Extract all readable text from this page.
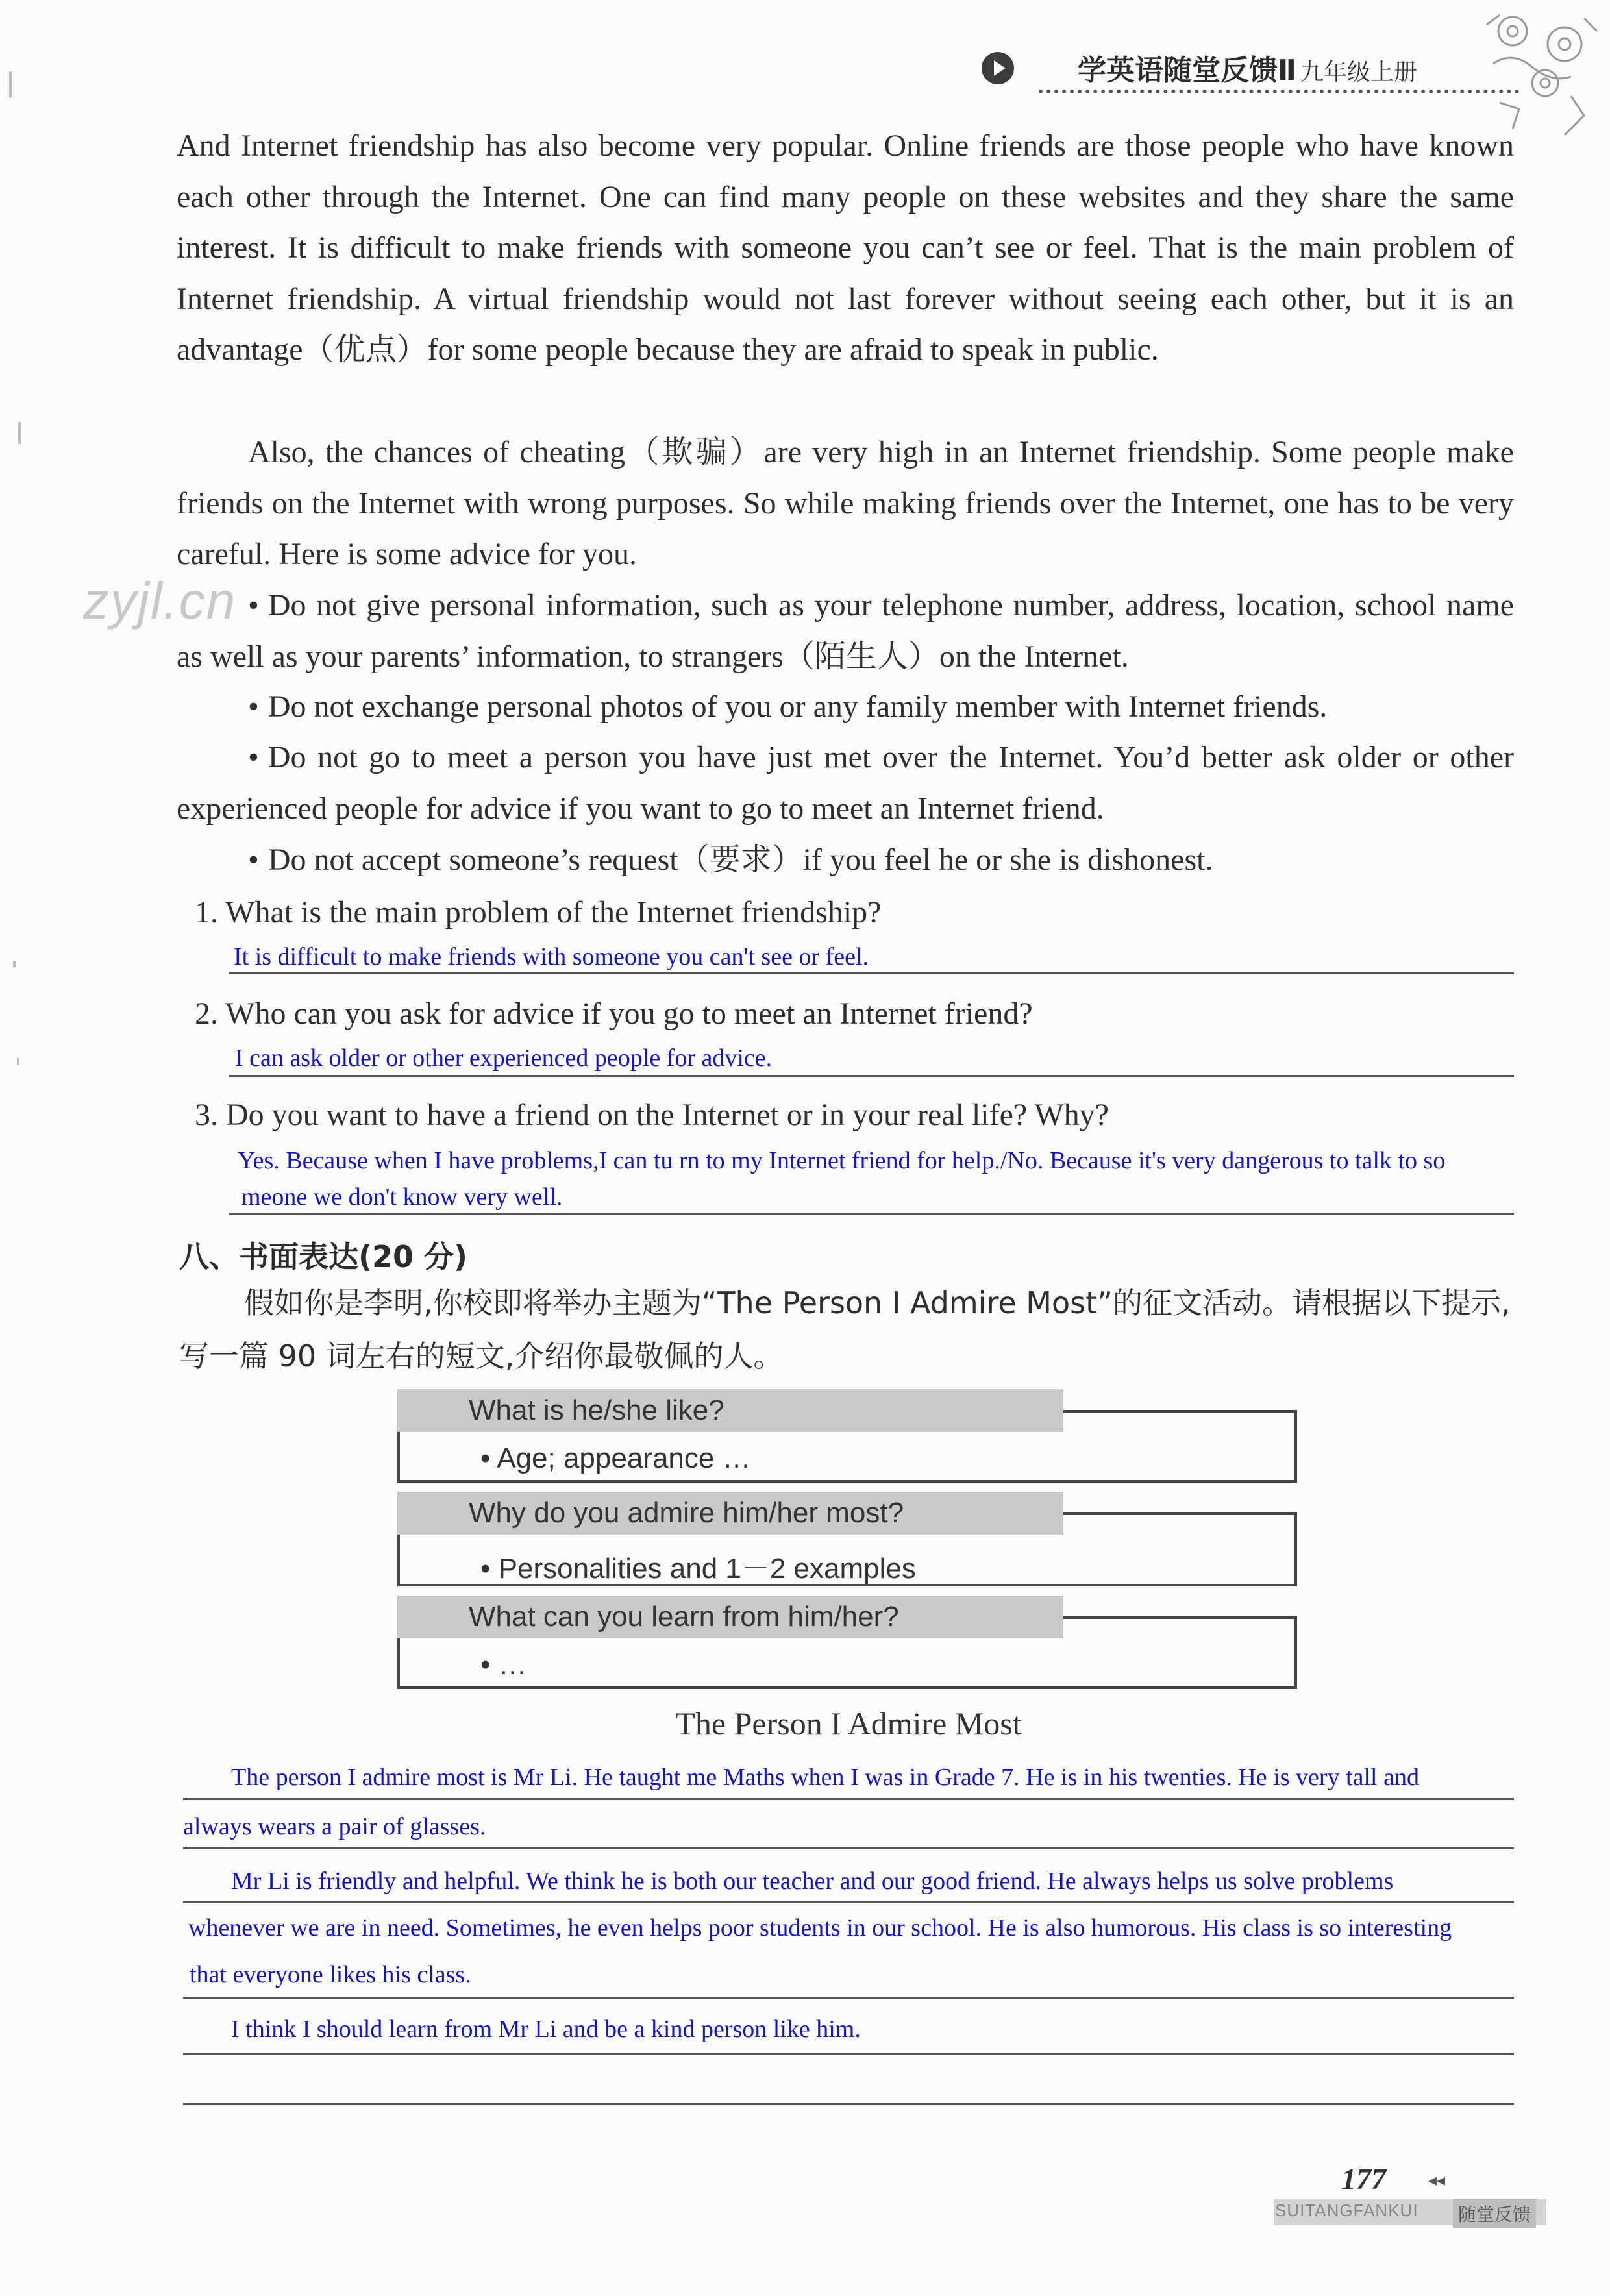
学英语随堂反馈Ⅱ 九年级上册
And Internet friendship has also become very popular. Online friends are those people who have known each other through the Internet. One can find many people on these websites and they share the same interest. It is difficult to make friends with someone you can’t see or feel. That is the main problem of Internet friendship. A virtual friendship would not last forever without seeing each other, but it is an advantage（优点）for some people because they are afraid to speak in public.
Also, the chances of cheating（欺骗）are very high in an Internet friendship. Some people make friends on the Internet with wrong purposes. So while making friends over the Internet, one has to be very careful. Here is some advice for you.
zyjl.cn
•	Do not give personal information, such as your telephone number, address, location, school name as well as your parents’ information, to strangers（陌生人）on the Internet.
• Do not exchange personal photos of you or any family member with Internet friends.
• Do not go to meet a person you have just met over the Internet. You’d better ask older or other experienced people for advice if you want to go to meet an Internet friend.
• Do not accept someone’s request（要求）if you feel he or she is dishonest.
1. What is the main problem of the Internet friendship?
It is difficult to make friends with someone you can't see or feel.
2. Who can you ask for advice if you go to meet an Internet friend?
I can ask older or other experienced people for advice.
3. Do you want to have a friend on the Internet or in your real life? Why?
Yes. Because when I have problems,I can tu rn to my Internet friend for help./No. Because it's very dangerous to talk to so
meone we don't know very well.
八、书面表达(20 分)
假如你是李明,你校即将举办主题为“The Person I Admire Most”的征文活动。请根据以下提示,写一篇 90 词左右的短文,介绍你最敬佩的人。
What is he/she like?
• Age; appearance …
Why do you admire him/her most?
• Personalities and 1－2 examples
What can you learn from him/her?
• …
The Person I Admire Most
The person I admire most is Mr Li. He taught me Maths when I was in Grade 7. He is in his twenties. He is very tall and
always wears a pair of glasses.
Mr Li is friendly and helpful. We think he is both our teacher and our good friend. He always helps us solve problems
whenever we are in need. Sometimes, he even helps poor students in our school. He is also humorous. His class is so interesting
that everyone likes his class.
I think I should learn from Mr Li and be a kind person like him.
177	◂◂
SUITANGFANKUI 随堂反馈
